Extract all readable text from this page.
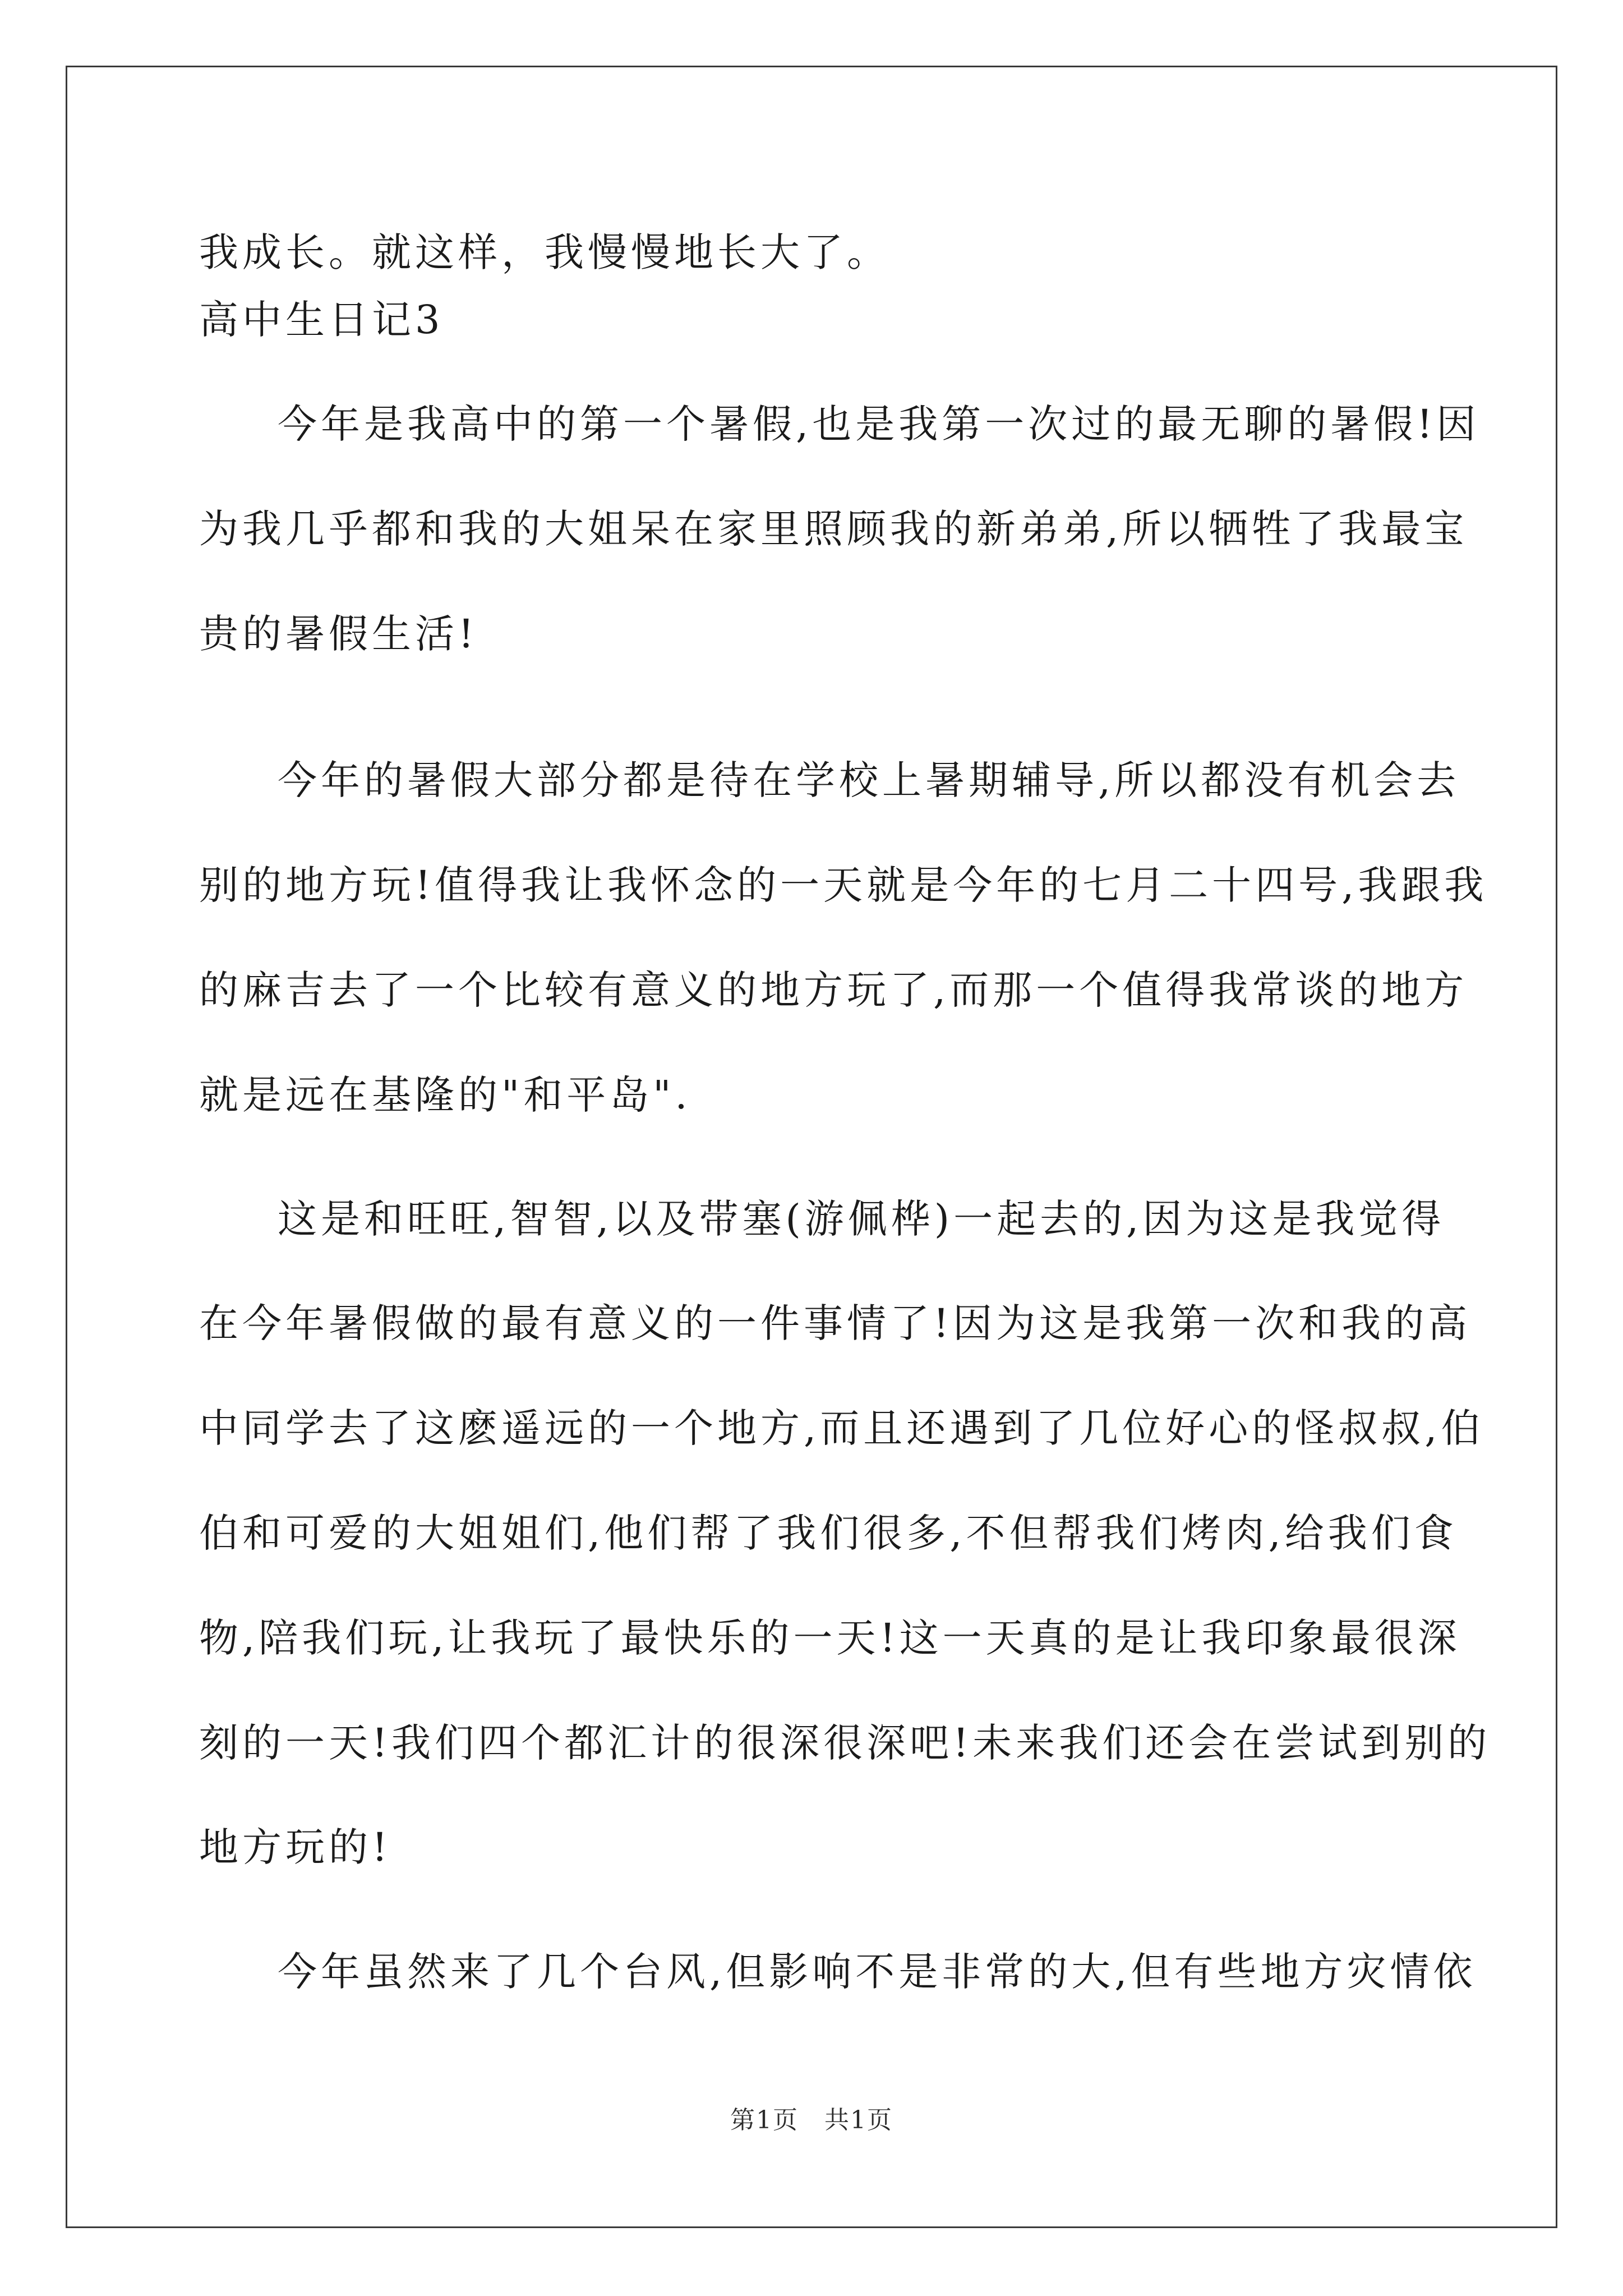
我成长。就这样，我慢慢地长大了。
高中生日记3
今年是我高中的第一个暑假,也是我第一次过的最无聊的暑假!因
为我几乎都和我的大姐呆在家里照顾我的新弟弟,所以牺牲了我最宝
贵的暑假生活!
今年的暑假大部分都是待在学校上暑期辅导,所以都没有机会去
别的地方玩!值得我让我怀念的一天就是今年的七月二十四号,我跟我
的麻吉去了一个比较有意义的地方玩了,而那一个值得我常谈的地方
就是远在基隆的"和平岛".
这是和旺旺,智智,以及带塞(游佩桦)一起去的,因为这是我觉得
在今年暑假做的最有意义的一件事情了!因为这是我第一次和我的高
中同学去了这麽遥远的一个地方,而且还遇到了几位好心的怪叔叔,伯
伯和可爱的大姐姐们,他们帮了我们很多,不但帮我们烤肉,给我们食
物,陪我们玩,让我玩了最快乐的一天!这一天真的是让我印象最很深
刻的一天!我们四个都汇计的很深很深吧!未来我们还会在尝试到别的
地方玩的!
今年虽然来了几个台风,但影响不是非常的大,但有些地方灾情依
第1页　共1页
